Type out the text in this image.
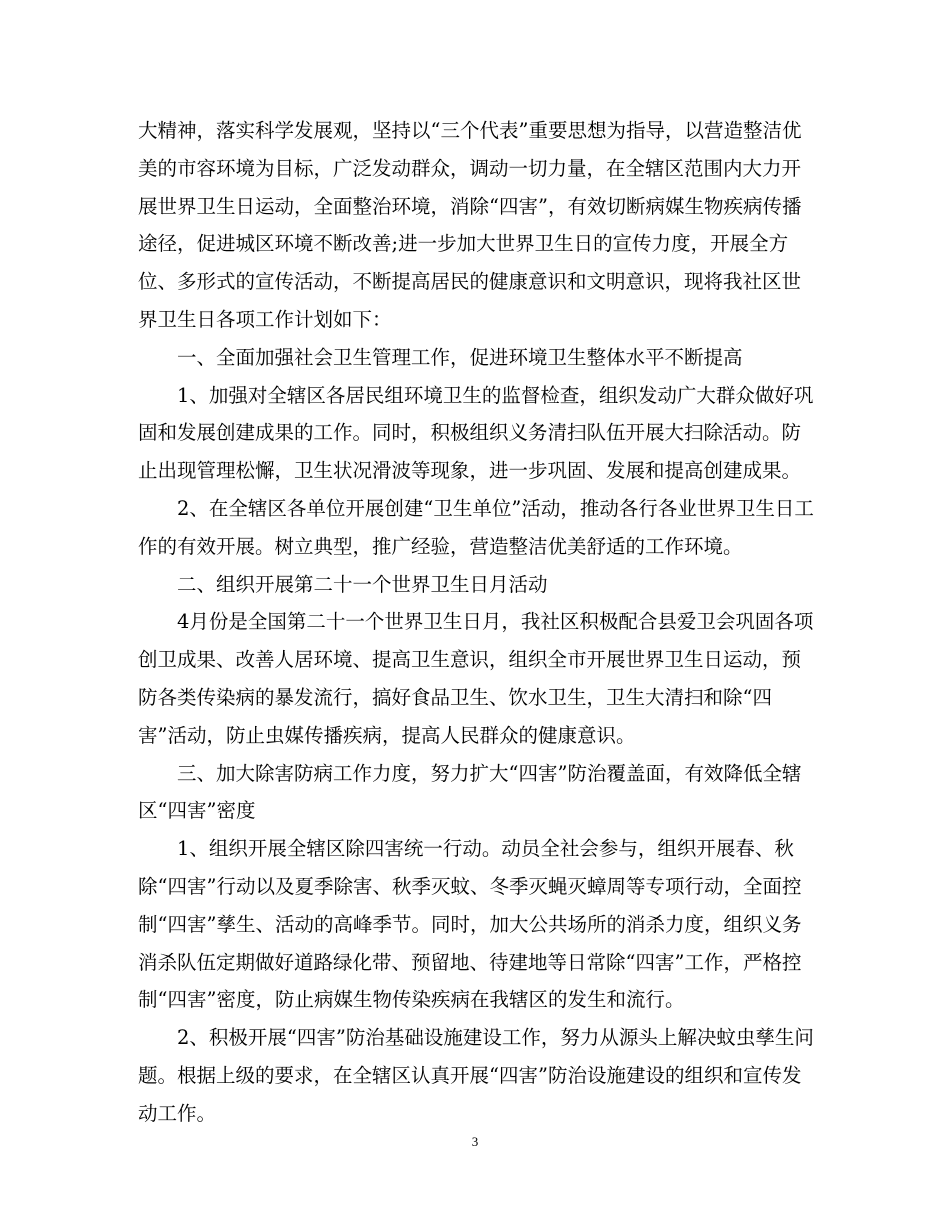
大精神，落实科学发展观，坚持以“三个代表”重要思想为指导，以营造整洁优美的市容环境为目标，广泛发动群众，调动一切力量，在全辖区范围内大力开展世界卫生日运动，全面整治环境，消除“四害”，有效切断病媒生物疾病传播途径，促进城区环境不断改善;进一步加大世界卫生日的宣传力度，开展全方位、多形式的宣传活动，不断提高居民的健康意识和文明意识，现将我社区世界卫生日各项工作计划如下：

一、全面加强社会卫生管理工作，促进环境卫生整体水平不断提高

1、加强对全辖区各居民组环境卫生的监督检查，组织发动广大群众做好巩固和发展创建成果的工作。同时，积极组织义务清扫队伍开展大扫除活动。防止出现管理松懈，卫生状况滑波等现象，进一步巩固、发展和提高创建成果。

2、在全辖区各单位开展创建“卫生单位”活动，推动各行各业世界卫生日工作的有效开展。树立典型，推广经验，营造整洁优美舒适的工作环境。

二、组织开展第二十一个世界卫生日月活动

4月份是全国第二十一个世界卫生日月，我社区积极配合县爱卫会巩固各项创卫成果、改善人居环境、提高卫生意识，组织全市开展世界卫生日运动，预防各类传染病的暴发流行，搞好食品卫生、饮水卫生，卫生大清扫和除“四害”活动，防止虫媒传播疾病，提高人民群众的健康意识。

三、加大除害防病工作力度，努力扩大“四害”防治覆盖面，有效降低全辖区“四害”密度

1、组织开展全辖区除四害统一行动。动员全社会参与，组织开展春、秋除“四害”行动以及夏季除害、秋季灭蚊、冬季灭蝇灭蟑周等专项行动，全面控制“四害”孳生、活动的高峰季节。同时，加大公共场所的消杀力度，组织义务消杀队伍定期做好道路绿化带、预留地、待建地等日常除“四害”工作，严格控制“四害”密度，防止病媒生物传染疾病在我辖区的发生和流行。

2、积极开展“四害”防治基础设施建设工作，努力从源头上解决蚊虫孳生问题。根据上级的要求，在全辖区认真开展“四害”防治设施建设的组织和宣传发动工作。

3
